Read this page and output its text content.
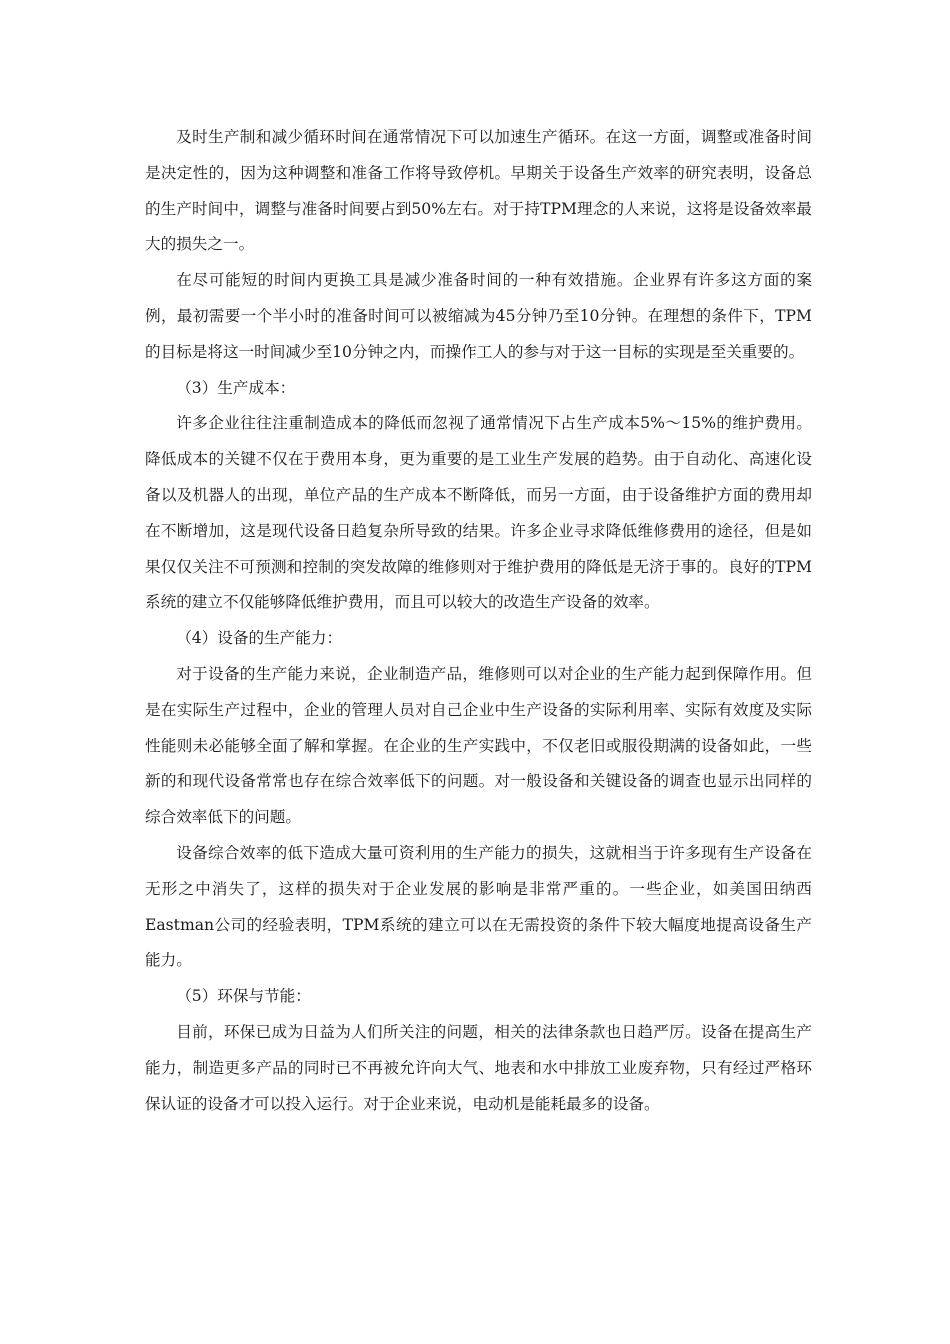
及时生产制和减少循环时间在通常情况下可以加速生产循环。在这一方面，调整或准备时间是决定性的，因为这种调整和准备工作将导致停机。早期关于设备生产效率的研究表明，设备总的生产时间中，调整与准备时间要占到50%左右。对于持TPM理念的人来说，这将是设备效率最大的损失之一。

在尽可能短的时间内更换工具是减少准备时间的一种有效措施。企业界有许多这方面的案例，最初需要一个半小时的准备时间可以被缩减为45分钟乃至10分钟。在理想的条件下，TPM的目标是将这一时间减少至10分钟之内，而操作工人的参与对于这一目标的实现是至关重要的。

（3）生产成本：

许多企业往往注重制造成本的降低而忽视了通常情况下占生产成本5%～15%的维护费用。降低成本的关键不仅在于费用本身，更为重要的是工业生产发展的趋势。由于自动化、高速化设备以及机器人的出现，单位产品的生产成本不断降低，而另一方面，由于设备维护方面的费用却在不断增加，这是现代设备日趋复杂所导致的结果。许多企业寻求降低维修费用的途径，但是如果仅仅关注不可预测和控制的突发故障的维修则对于维护费用的降低是无济于事的。良好的TPM系统的建立不仅能够降低维护费用，而且可以较大的改造生产设备的效率。

（4）设备的生产能力：

对于设备的生产能力来说，企业制造产品，维修则可以对企业的生产能力起到保障作用。但是在实际生产过程中，企业的管理人员对自己企业中生产设备的实际利用率、实际有效度及实际性能则未必能够全面了解和掌握。在企业的生产实践中，不仅老旧或服役期满的设备如此，一些新的和现代设备常常也存在综合效率低下的问题。对一般设备和关键设备的调查也显示出同样的综合效率低下的问题。

设备综合效率的低下造成大量可资利用的生产能力的损失，这就相当于许多现有生产设备在无形之中消失了，这样的损失对于企业发展的影响是非常严重的。一些企业，如美国田纳西Eastman公司的经验表明，TPM系统的建立可以在无需投资的条件下较大幅度地提高设备生产能力。

（5）环保与节能：

目前，环保已成为日益为人们所关注的问题，相关的法律条款也日趋严厉。设备在提高生产能力，制造更多产品的同时已不再被允许向大气、地表和水中排放工业废弃物，只有经过严格环保认证的设备才可以投入运行。对于企业来说，电动机是能耗最多的设备。
